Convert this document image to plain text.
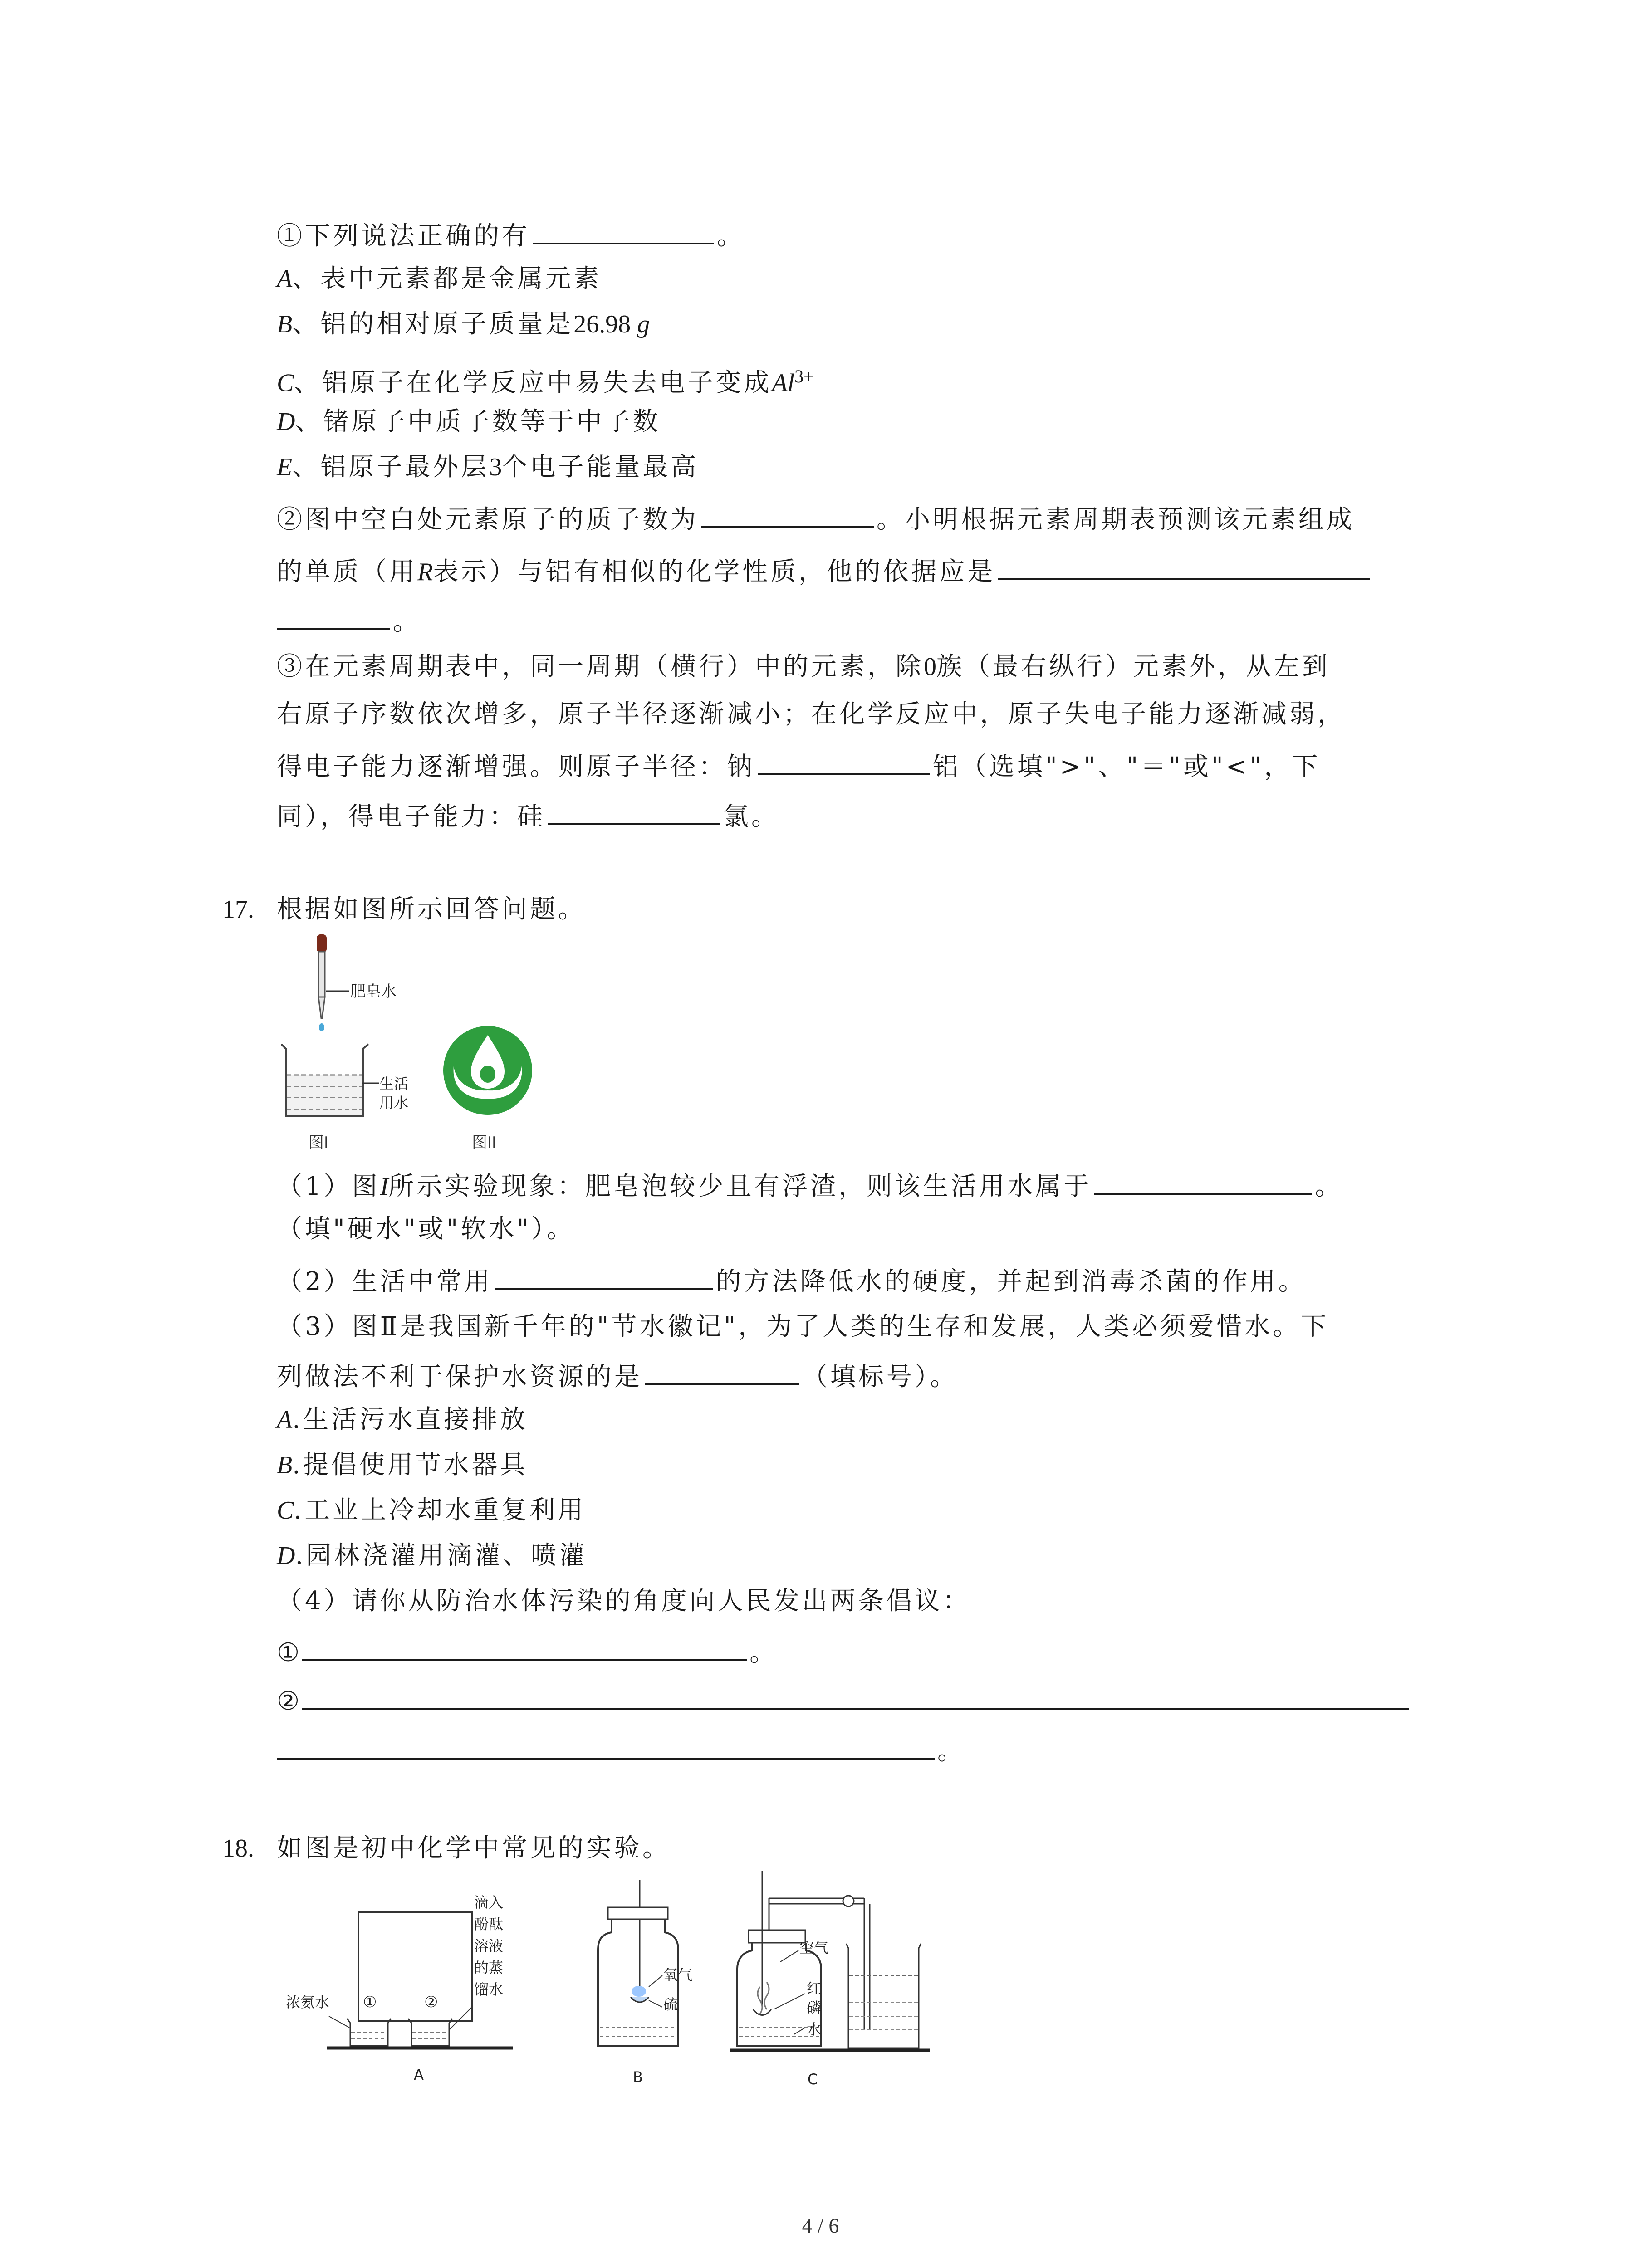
①下列说法正确的有	。
A、表中元素都是金属元素
B、铝的相对原子质量是26.98 g
C、铝原子在化学反应中易失去电子变成$Al^{3+}$
D、锗原子中质子数等于中子数
E、铝原子最外层3个电子能量最高
②图中空白处元素原子的质子数为	。小明根据元素周期表预测该元素组成
的单质（用R表示）与铝有相似的化学性质，他的依据应是
。
③在元素周期表中，同一周期（横行）中的元素，除0族（最右纵行）元素外，从左到
右原子序数依次增多，原子半径逐渐减小；在化学反应中，原子失电子能力逐渐减弱，
得电子能力逐渐增强。则原子半径：钠	铝（选填">"、"＝"或"<"，下
同），得电子能力：硅	氯。
17. 根据如图所示回答问题。
肥皂水
生活
用水
图I	图II
（1）图I所示实验现象：肥皂泡较少且有浮渣，则该生活用水属于	。
（填"硬水"或"软水"）。
（2）生活中常用	的方法降低水的硬度，并起到消毒杀菌的作用。
（3）图Ⅱ是我国新千年的"节水徽记"，为了人类的生存和发展，人类必须爱惜水。下
列做法不利于保护水资源的是	（填标号）。
A.生活污水直接排放
B.提倡使用节水器具
C.工业上冷却水重复利用
D.园林浇灌用滴灌、喷灌
（4）请你从防治水体污染的角度向人民发出两条倡议：
①	。
②
。
18. 如图是初中化学中常见的实验。
浓氨水 ①	②
滴入
酚酞
溶液
的蒸
馏水
A
氧气
硫
B
空气
红
磷
水
C
4 / 6
